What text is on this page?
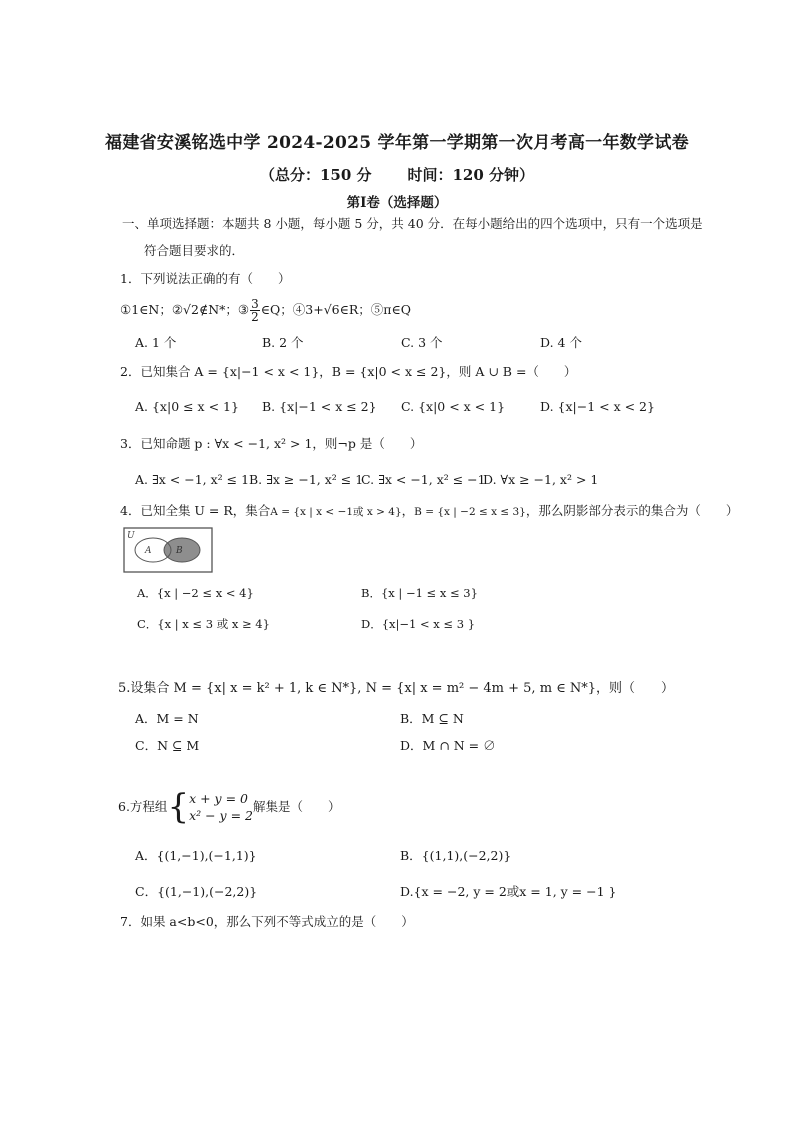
福建省安溪铭选中学 2024-2025 学年第一学期第一次月考高一年数学试卷
（总分：150 分 时间：120 分钟）
第Ⅰ卷（选择题）
一、单项选择题：本题共 8 小题，每小题 5 分，共 40 分．在每小题给出的四个选项中，只有一个选项是
符合题目要求的．
1．下列说法正确的有（　　）
①1∈N；②√2∉N*；③ $\frac{3}{2}$ ∈Q；④3+√6∈R；⑤π∈Q
A. 1 个	B. 2 个	C. 3 个	D. 4 个
2．已知集合 A = {x|−1 < x < 1}，B = {x|0 < x ≤ 2}，则 A ∪ B =（　　）
A. {x|0 ≤ x < 1} B. {x|−1 < x ≤ 2} C. {x|0 < x < 1}	D. {x|−1 < x < 2}
3．已知命题 p : ∀x < −1, x² > 1，则¬p 是（　　）
A. ∃x < −1, x² ≤ 1 B. ∃x ≥ −1, x² ≤ 1
C. ∃x < −1, x² ≤ −1
D. ∀x ≥ −1, x² > 1
4．已知全集 U = R，集合A = {x | x < −1或 x > 4}，B = {x | −2 ≤ x ≤ 3}，那么阴影部分表示的集合为（　　）
U
A	B
A．{x | −2 ≤ x < 4}	B．{x | −1 ≤ x ≤ 3}
C．{x | x ≤ 3 或 x ≥ 4}	D．{x|−1 < x ≤ 3 }
5.设集合 M = {x| x = k² + 1, k ∈ N*}, N = {x| x = m² − 4m + 5, m ∈ N*}，则（　　）
A．M = N	B．M ⊆ N
C．N ⊆ M	D．M ∩ N = ∅
6.方程组{ x + y = 0
x² − y = 2
解集是（　　）
A．{(1,−1),(−1,1)}	B．{(1,1),(−2,2)}
C．{(1,−1),(−2,2)}	D.{x = −2, y = 2或x = 1, y = −1 }
7．如果 a<b<0，那么下列不等式成立的是（　　）
